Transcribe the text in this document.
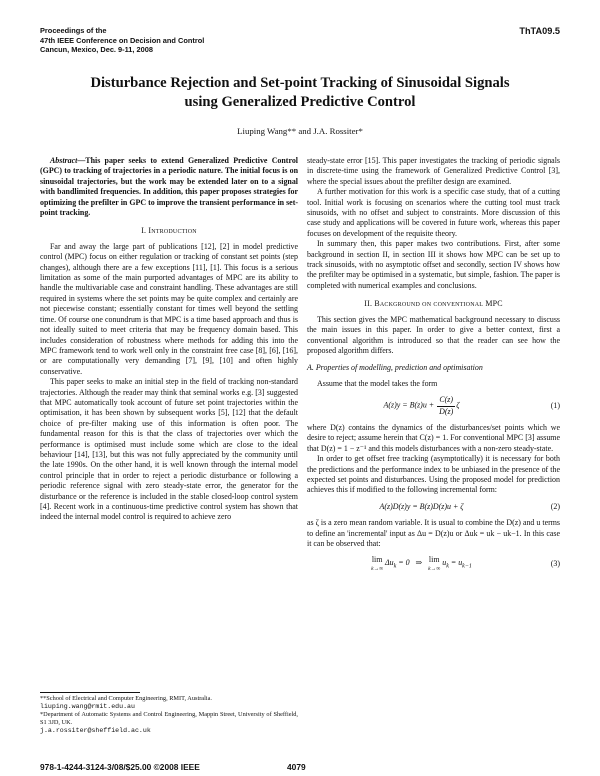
Proceedings of the
47th IEEE Conference on Decision and Control
Cancun, Mexico, Dec. 9-11, 2008
ThTA09.5
Disturbance Rejection and Set-point Tracking of Sinusoidal Signals
using Generalized Predictive Control
Liuping Wang** and J.A. Rossiter*

Abstract—This paper seeks to extend Generalized Predictive Control (GPC) to tracking of trajectories in a periodic nature. The initial focus is on sinusoidal trajectories, but the work may be extended later on to a signal with bandlimited frequencies. In addition, this paper proposes strategies for optimizing the prefilter in GPC to improve the transient performance in set-point tracking.

I. Introduction

Far and away the large part of publications [12], [2] in model predictive control (MPC) focus on either regulation or tracking of constant set points (step changes), although there are a few exceptions [11], [1]. This focus is a serious limitation as some of the main purported advantages of MPC are its ability to handle the multivariable case and constraint handling. These advantages are still required in systems where the set points may be quite complex and certainly are not piecewise constant; essentially constant for times well beyond the settling time. Of course one conundrum is that MPC is a time based approach and thus is not ideally suited to meet criteria that may be frequency domain based. This includes consideration of robustness where methods for adding this into the MPC framework tend to work well only in the constraint free case [8], [6], [16], or are computationally very demanding [7], [9], [10] and often highly conservative.

This paper seeks to make an initial step in the field of tracking non-standard trajectories. Although the reader may think that seminal works e.g. [3] suggested that MPC automatically took account of future set point trajectories within the optimisation, it has been shown by subsequent works [5], [12] that the default choice of pre-filter making use of this information is often poor. The fundamental reason for this is that the class of trajectories over which the performance is optimised must include some which are close to the ideal behaviour [14], [13], but this was not fully appreciated by the community until the late 1990s. On the other hand, it is well known through the internal model control principle that in order to reject a periodic disturbance or following a periodic reference signal with zero steady-state error, the generator for the disturbance or the reference is included in the stable closed-loop control system [4]. Recent work in a continuous-time predictive control system has shown that indeed the internal model control is required to achieve zero

**School of Electrical and Computer Engineering, RMIT, Australia.
liuping.wang@rmit.edu.au
*Department of Automatic Systems and Control Engineering, Mappin Street, University of Sheffield, S1 3JD, UK.
j.a.rossiter@sheffield.ac.uk

steady-state error [15]. This paper investigates the tracking of periodic signals in discrete-time using the framework of Generalized Predictive Control [3], where the special issues about the prefilter design are examined.

A further motivation for this work is a specific case study, that of a cutting tool. Initial work is focusing on scenarios where the cutting tool must track sinusoids, with no offset and subject to constraints. More discussion of this case study and applications will be covered in future work, whereas this paper focuses on development of the requisite theory.

In summary then, this paper makes two contributions. First, after some background in section II, in section III it shows how MPC can be set up to track sinusoids, with no asymptotic offset and secondly, section IV shows how the prefilter may be optimised in a systematic, but simple, fashion. The paper is completed with numerical examples and conclusions.

II. Background on conventional MPC

This section gives the MPC mathematical background necessary to discuss the main issues in this paper. In order to give a better context, first a conventional algorithm is introduced so that the reader can see how the proposed algorithm differs.

A. Properties of modelling, prediction and optimisation

Assume that the model takes the form

$A(z)y = B(z)u + \frac{C(z)}{D(z)}$ ζ	(1)

where D(z) contains the dynamics of the disturbances/set points which we desire to reject; assume herein that C(z) = 1. For conventional MPC [3] assume that D(z) = 1 − z⁻¹ and this models disturbances with a non-zero steady-state.

In order to get offset free tracking (asymptotically) it is necessary for both the predictions and the performance index to be unbiased in the presence of the expected set points and disturbances. Using the proposed model for prediction achieves this if modified to the following incremental form:

A(z)D(z)y = B(z)D(z)u + ζ	(2)

as ζ is a zero mean random variable. It is usual to combine the D(z) and u terms to define an 'incremental' input as Δu = D(z)u or Δuk = uk − uk−1. In this case it can be observed that:

lim
k→∞
$\Delta u_k = 0$   ⇒ lim
k→∞
$u_k = u_{k-1}$	(3)
978-1-4244-3124-3/08/$25.00 ©2008 IEEE	4079
